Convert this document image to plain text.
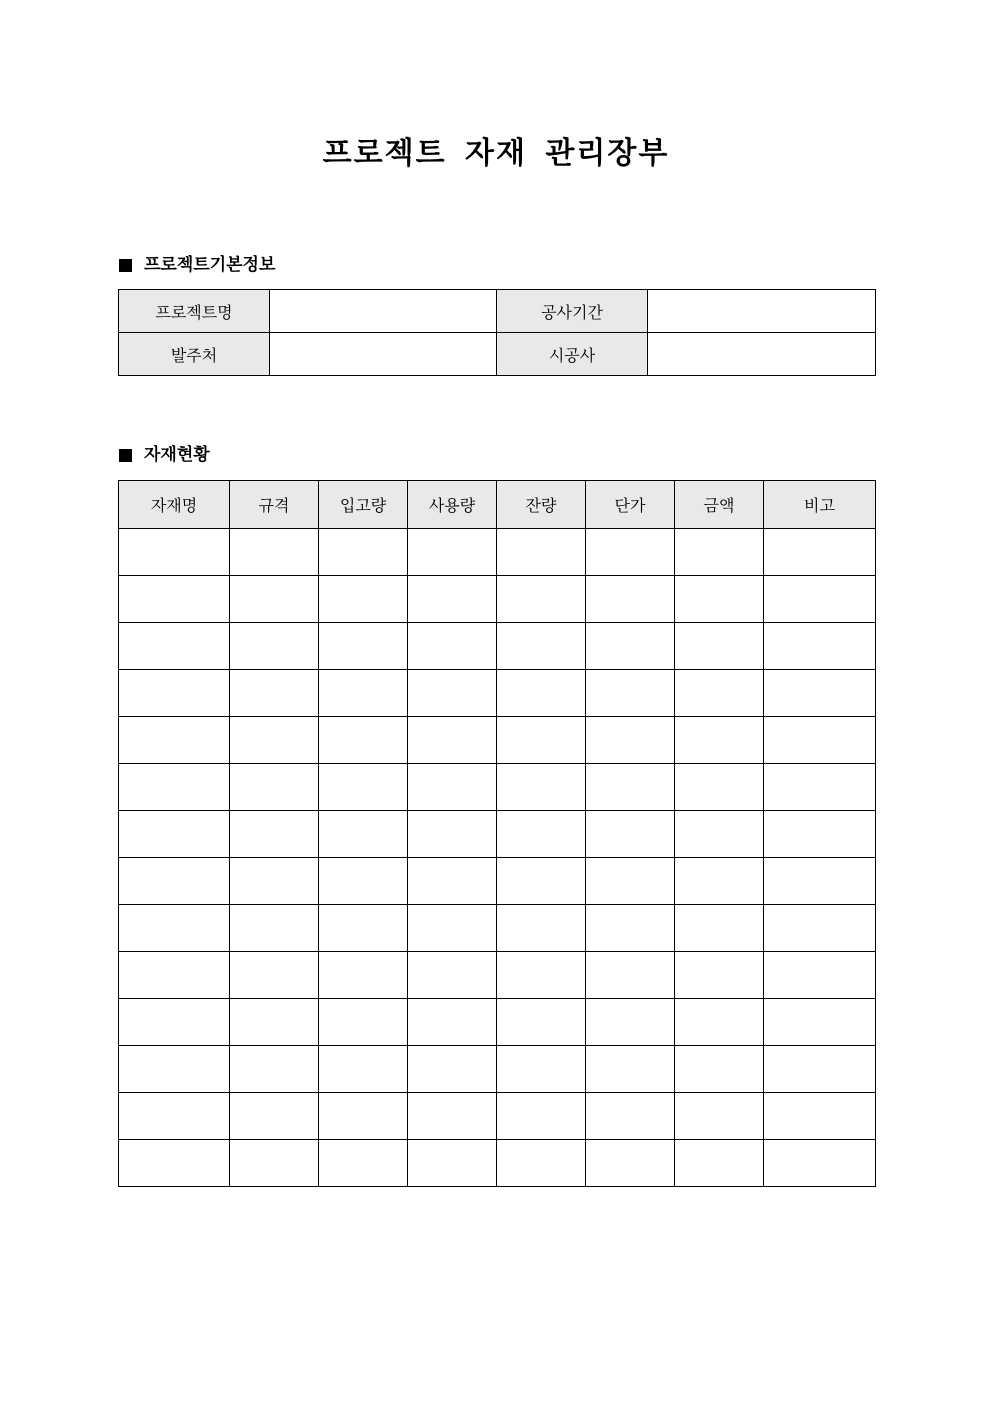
프로젝트 자재 관리장부
프로젝트기본정보
프로젝트명		공사기간	
발주처		시공사	
자재현황
자재명	규격	입고량	사용량	잔량	단가	금액	비고
